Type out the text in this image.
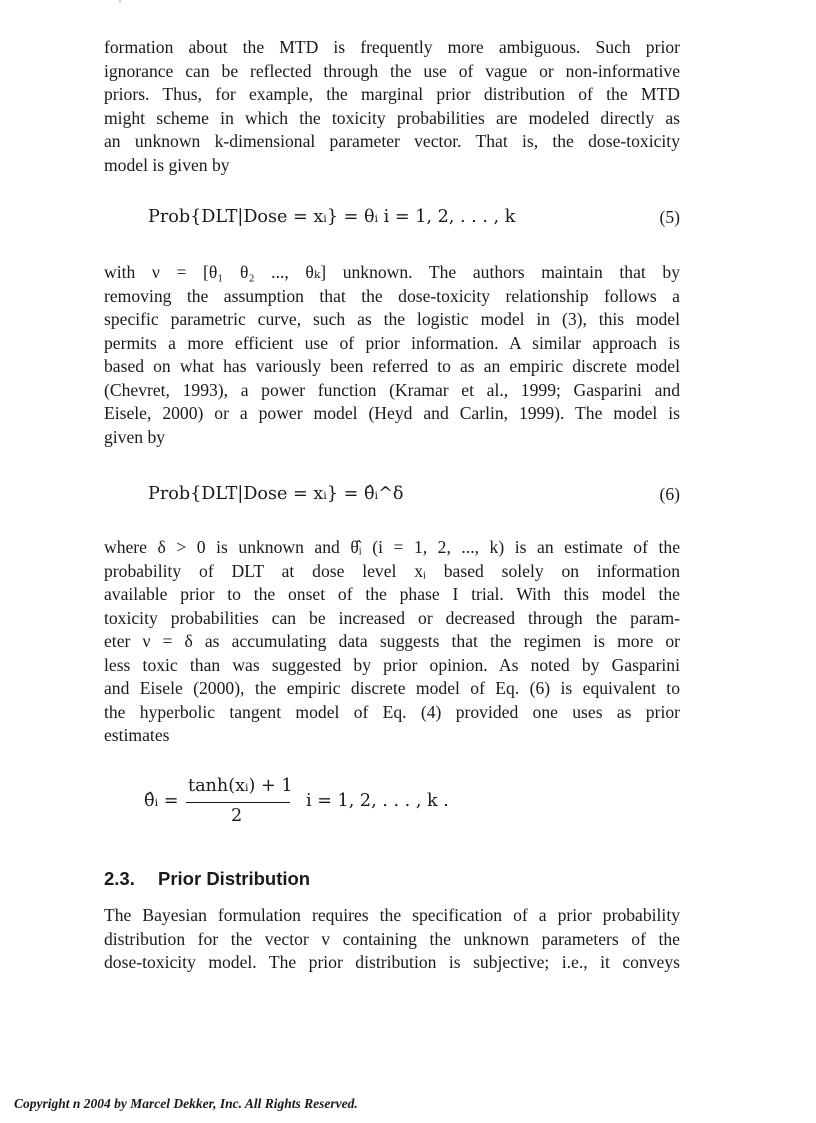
·
formation about the MTD is frequently more ambiguous. Such prior
ignorance can be reflected through the use of vague or non-informative
priors. Thus, for example, the marginal prior distribution of the MTD
might scheme in which the toxicity probabilities are modeled directly as
an unknown k-dimensional parameter vector. That is, the dose-toxicity
model is given by
Prob{DLT|Dose = xᵢ} = θᵢ i = 1, 2, . . . , k	(5)
with ν = [θ₁ θ₂ ..., θₖ] unknown. The authors maintain that by
removing the assumption that the dose-toxicity relationship follows a
specific parametric curve, such as the logistic model in (3), this model
permits a more efficient use of prior information. A similar approach is
based on what has variously been referred to as an empiric discrete model
(Chevret, 1993), a power function (Kramar et al., 1999; Gasparini and
Eisele, 2000) or a power model (Heyd and Carlin, 1999). The model is
given by
Prob{DLT|Dose = xᵢ} = θ̂ᵢ^δ	(6)
where δ > 0 is unknown and θ̂ᵢ (i = 1, 2, ..., k) is an estimate of the
probability of DLT at dose level xᵢ based solely on information
available prior to the onset of the phase I trial. With this model the
toxicity probabilities can be increased or decreased through the param-
eter ν = δ as accumulating data suggests that the regimen is more or
less toxic than was suggested by prior opinion. As noted by Gasparini
and Eisele (2000), the empiric discrete model of Eq. (6) is equivalent to
the hyperbolic tangent model of Eq. (4) provided one uses as prior
estimates
θ̂ᵢ =
tanh(xᵢ) + 1
2
i = 1, 2, . . . , k .
2.3. Prior Distribution
The Bayesian formulation requires the specification of a prior probability
distribution for the vector v containing the unknown parameters of the
dose-toxicity model. The prior distribution is subjective; i.e., it conveys
Copyright n 2004 by Marcel Dekker, Inc. All Rights Reserved.
